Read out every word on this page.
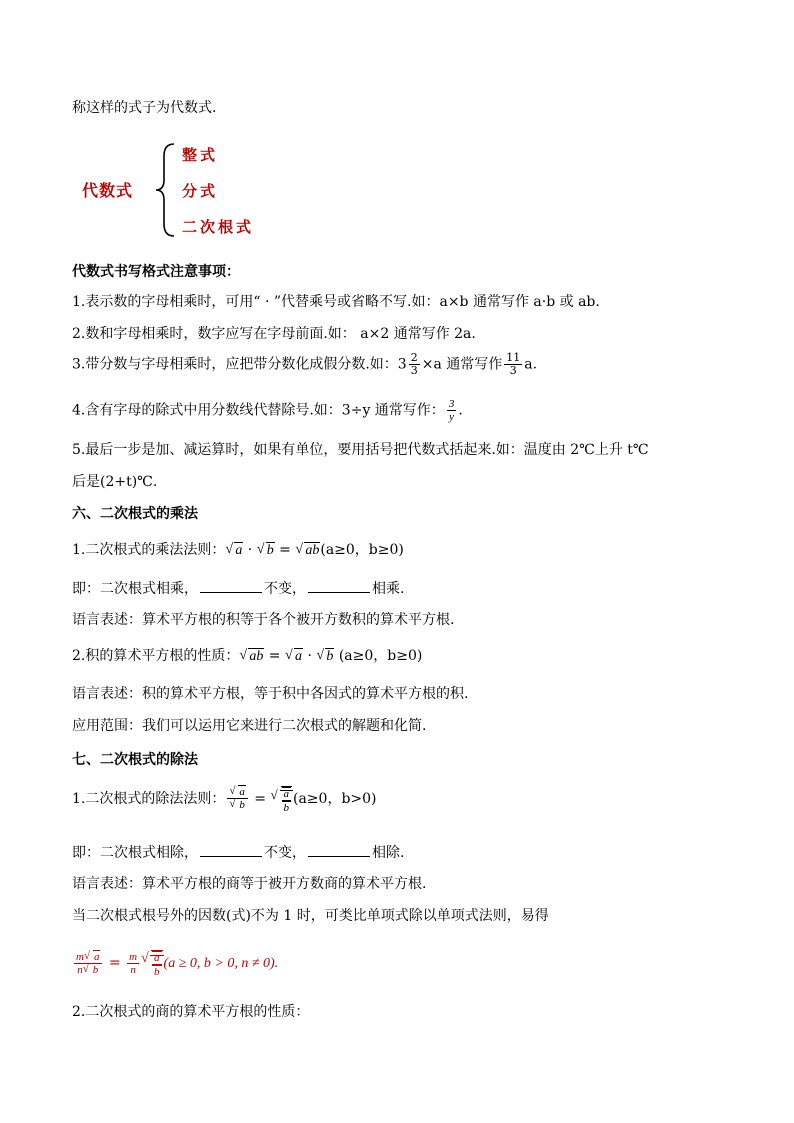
称这样的式子为代数式.
代数式
整式
分式
二次根式
代数式书写格式注意事项：
1.表示数的字母相乘时，可用“ · ”代替乘号或省略不写.如：a×b 通常写作 a·b 或 ab.
2.数和字母相乘时，数字应写在字母前面.如： a×2 通常写作 2a.
3.带分数与字母相乘时，应把带分数化成假分数.如：$3 \frac{2}{3} \times a$ 通常写作 $\frac{11}{3} a$.
4.含有字母的除式中用分数线代替除号.如：3÷y 通常写作： $\frac{3}{y}$ .
5.最后一步是加、减运算时，如果有单位，要用括号把代数式括起来.如：温度由 2℃上升 t℃
后是(2+t)℃.
六、二次根式的乘法
1.二次根式的乘法法则： √ a · √ b = √ ab(a≥0，b≥0)
即：二次根式相乘，	不变，	相乘.
语言表述：算术平方根的积等于各个被开方数积的算术平方根.
2.积的算术平方根的性质： √ ab = √ a · √ b (a≥0，b≥0)
语言表述：积的算术平方根，等于积中各因式的算术平方根的积.
应用范围：我们可以运用它来进行二次根式的解题和化简.
七、二次根式的除法
1.二次根式的除法法则： √ a
√ b = √ $\frac{a}{b} (a\ge 0$，b>0)
即：二次根式相除，	不变，	相除.
语言表述：算术平方根的商等于被开方数商的算术平方根.
当二次根式根号外的因数(式)不为 1 时，可类比单项式除以单项式法则，易得
$\frac{m √ a}{n √ b} = \frac{m}{n}$ √ $\frac{a}{b} (a \ge 0$, b > 0, n ≠ 0).
2.二次根式的商的算术平方根的性质：
